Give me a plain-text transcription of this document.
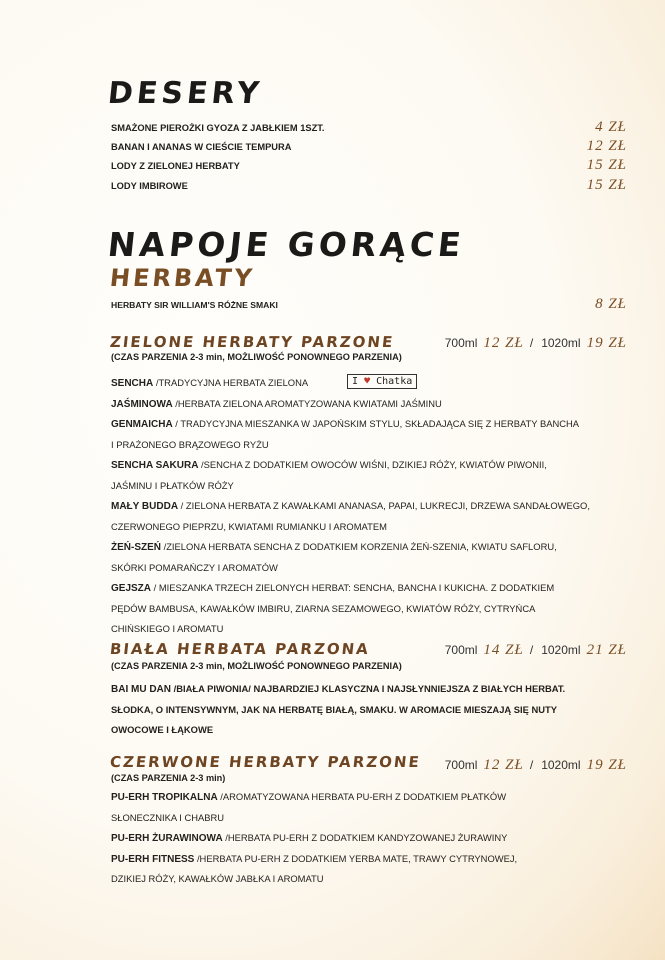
DESERY
SMAŻONE PIEROŻKI GYOZA Z JABŁKIEM 1SZT.	4 ZŁ
BANAN I ANANAS W CIEŚCIE TEMPURA	12 ZŁ
LODY Z ZIELONEJ HERBATY	15 ZŁ
LODY IMBIROWE	15 ZŁ
NAPOJE GORĄCE
HERBATY
HERBATY SIR WILLIAM'S RÓŻNE SMAKI	8 ZŁ
ZIELONE HERBATY PARZONE
(CZAS PARZENIA 2-3 min, MOŻLIWOŚĆ PONOWNEGO PARZENIA)
700ml 12 ZŁ / 1020ml 19 ZŁ
I ♥ Chatka
SENCHA /TRADYCYJNA HERBATA ZIELONA
JAŚMINOWA /HERBATA ZIELONA AROMATYZOWANA KWIATAMI JAŚMINU
GENMAICHA / TRADYCYJNA MIESZANKA W JAPOŃSKIM STYLU, SKŁADAJĄCA SIĘ Z HERBATY BANCHA
I PRAŻONEGO BRĄZOWEGO RYŻU
SENCHA SAKURA /SENCHA Z DODATKIEM OWOCÓW WIŚNI, DZIKIEJ RÓŻY, KWIATÓW PIWONII,
JAŚMINU I PŁATKÓW RÓŻY
MAŁY BUDDA / ZIELONA HERBATA Z KAWAŁKAMI ANANASA, PAPAI, LUKRECJI, DRZEWA SANDAŁOWEGO,
CZERWONEGO PIEPRZU, KWIATAMI RUMIANKU I AROMATEM
ŻEŃ-SZEŃ /ZIELONA HERBATA SENCHA Z DODATKIEM KORZENIA ŻEŃ-SZENIA, KWIATU SAFLORU,
SKÓRKI POMARAŃCZY I AROMATÓW
GEJSZA / MIESZANKA TRZECH ZIELONYCH HERBAT: SENCHA, BANCHA I KUKICHA. Z DODATKIEM
PĘDÓW BAMBUSA, KAWAŁKÓW IMBIRU, ZIARNA SEZAMOWEGO, KWIATÓW RÓŻY, CYTRYŃCA
CHIŃSKIEGO I AROMATU
BIAŁA HERBATA PARZONA
(CZAS PARZENIA 2-3 min, MOŻLIWOŚĆ PONOWNEGO PARZENIA)
700ml 14 ZŁ / 1020ml 21 ZŁ
BAI MU DAN /BIAŁA PIWONIA/ NAJBARDZIEJ KLASYCZNA I NAJSŁYNNIEJSZA Z BIAŁYCH HERBAT.
SŁODKA, O INTENSYWNYM, JAK NA HERBATĘ BIAŁĄ, SMAKU. W AROMACIE MIESZAJĄ SIĘ NUTY
OWOCOWE I ŁĄKOWE
CZERWONE HERBATY PARZONE
(CZAS PARZENIA 2-3 min)
700ml 12 ZŁ / 1020ml 19 ZŁ
PU-ERH TROPIKALNA /AROMATYZOWANA HERBATA PU-ERH Z DODATKIEM PŁATKÓW
SŁONECZNIKA I CHABRU
PU-ERH ŻURAWINOWA /HERBATA PU-ERH Z DODATKIEM KANDYZOWANEJ ŻURAWINY
PU-ERH FITNESS /HERBATA PU-ERH Z DODATKIEM YERBA MATE, TRAWY CYTRYNOWEJ,
DZIKIEJ RÓŻY, KAWAŁKÓW JABŁKA I AROMATU
